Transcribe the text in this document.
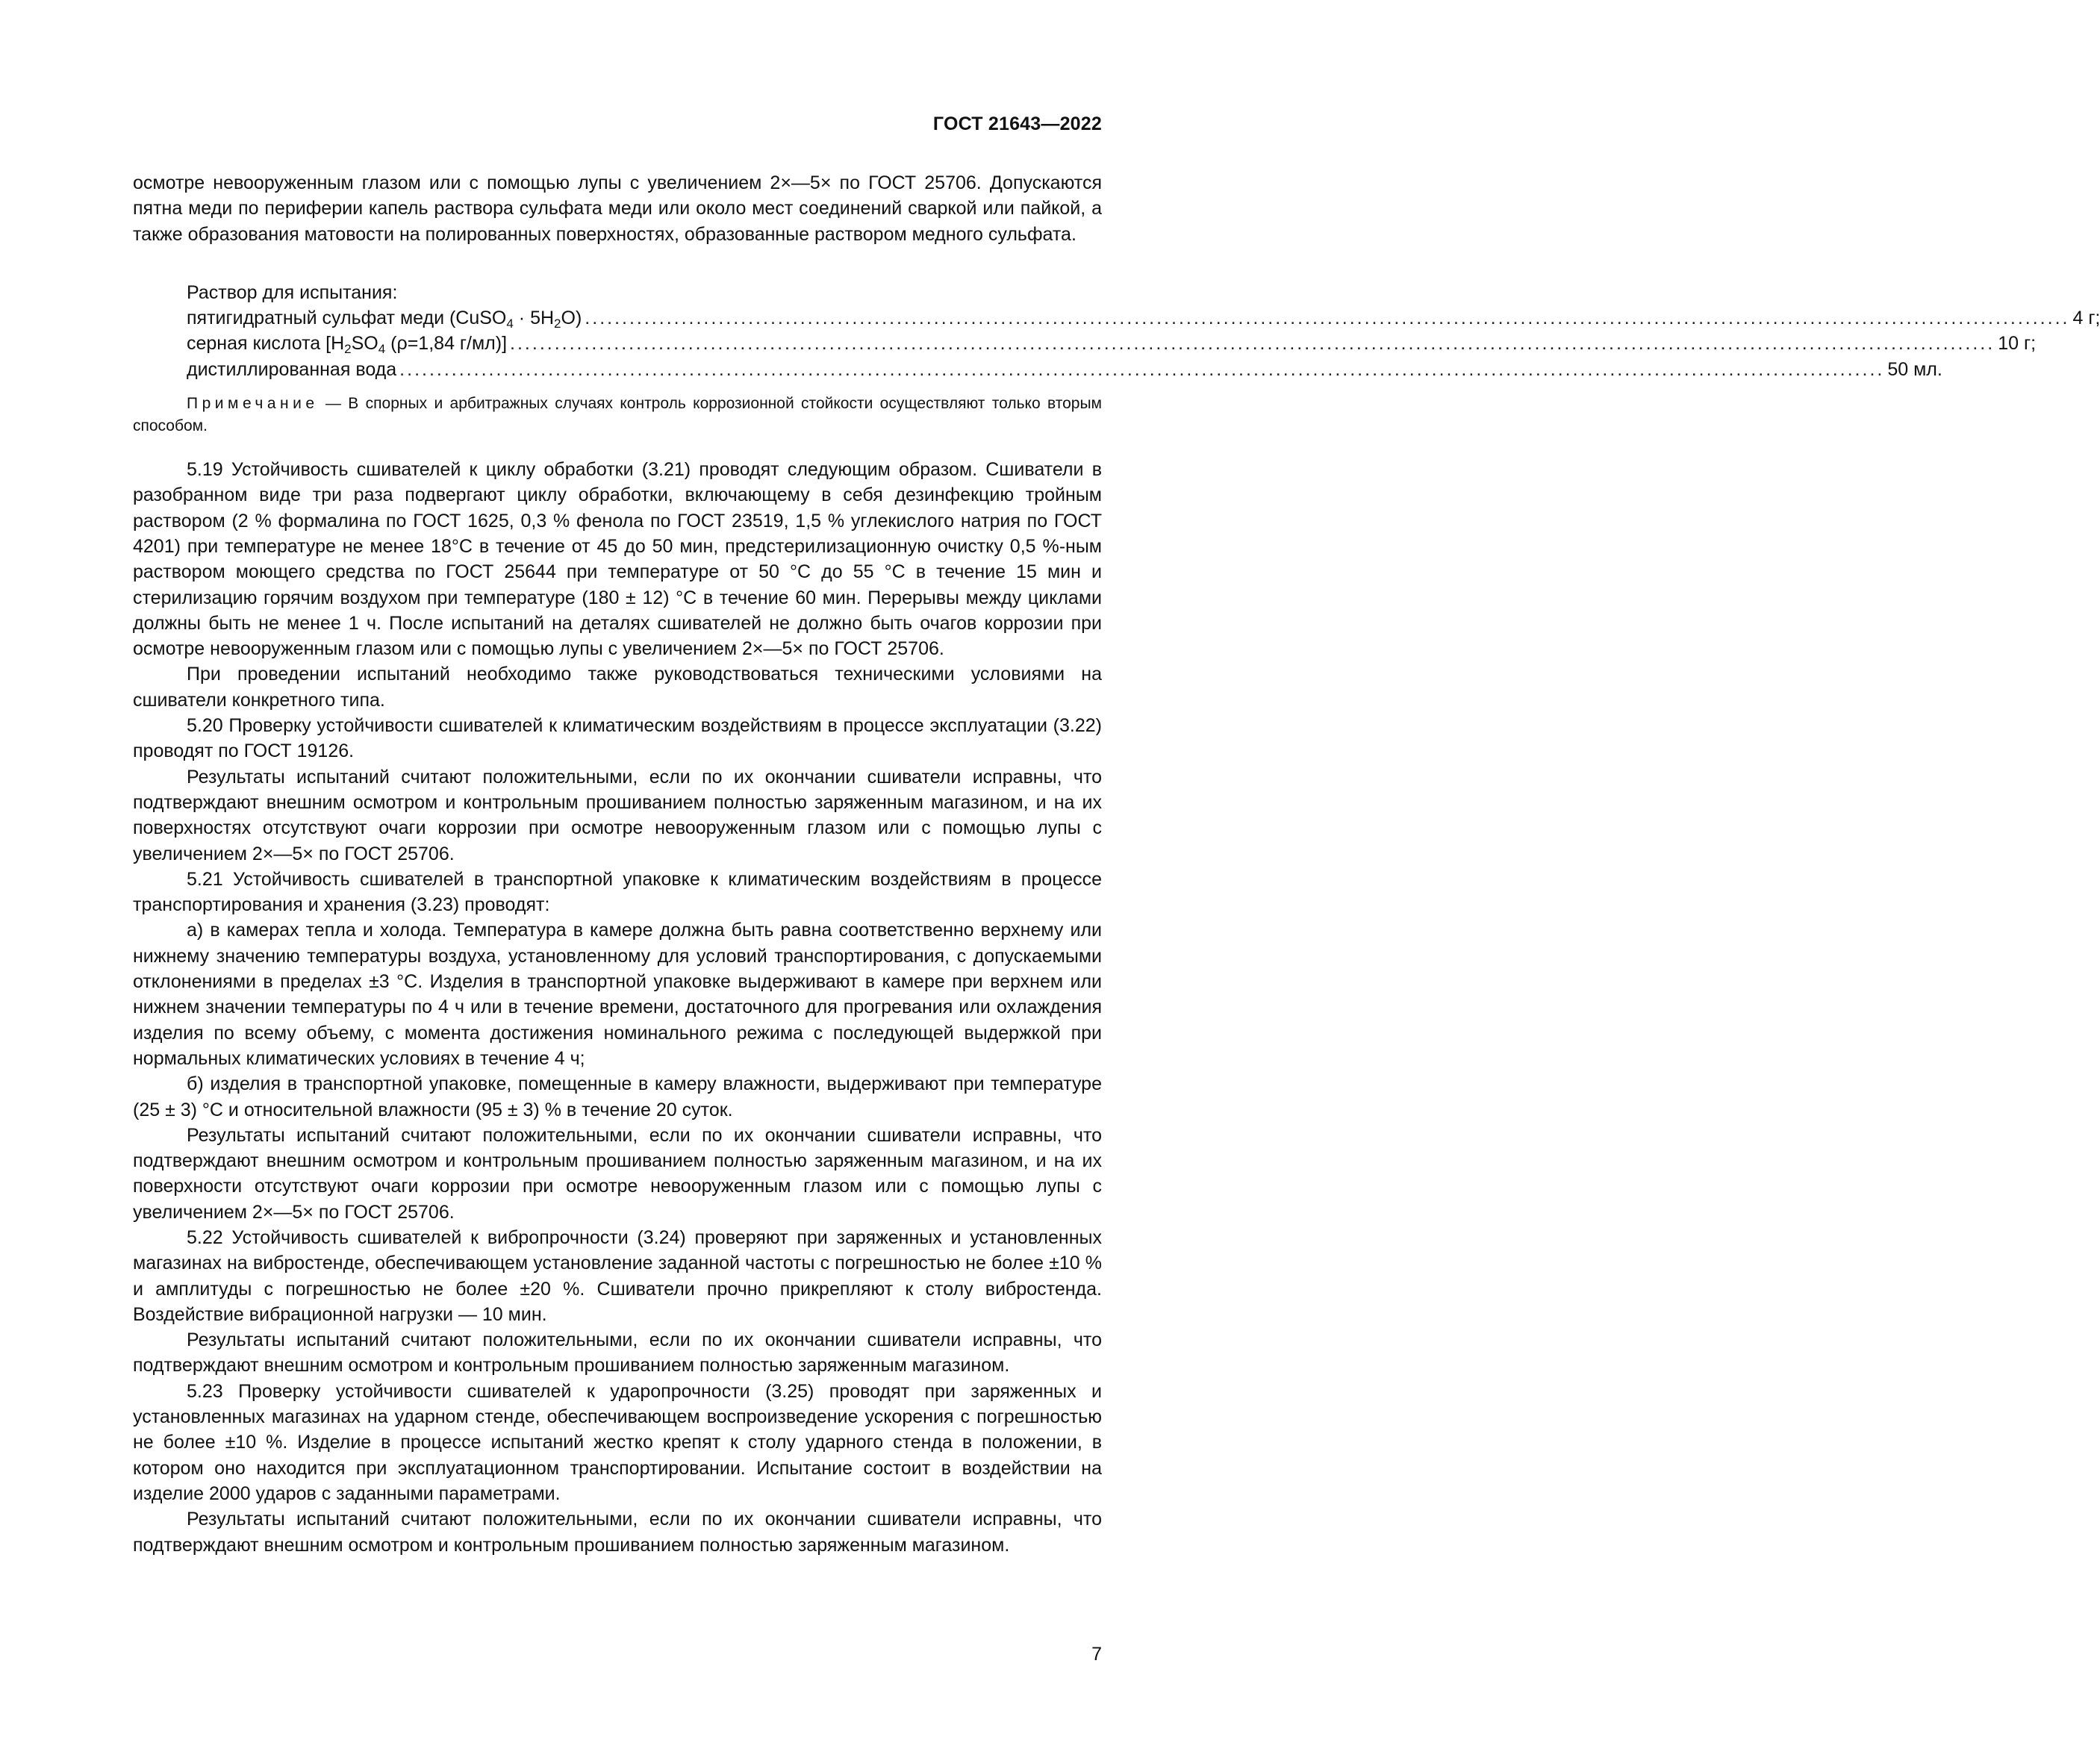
ГОСТ 21643—2022

осмотре невооруженным глазом или с помощью лупы с увеличением 2×—5× по ГОСТ 25706. Допускаются пятна меди по периферии капель раствора сульфата меди или около мест соединений сваркой или пайкой, а также образования матовости на полированных поверхностях, образованные раствором медного сульфата.

Раствор для испытания:

пятигидратный сульфат меди (CuSO$_4$ · $5H_2O$) ........................................................................................................................................................................................................ 4 г;
серная кислота [$H_2SO_4$ (ρ=1,84 г/мл)] ........................................................................................................................................................................................................ 10 г;
дистиллированная вода ........................................................................................................................................................................................................ 50 мл.

Примечание — В спорных и арбитражных случаях контроль коррозионной стойкости осуществляют только вторым способом.

5.19 Устойчивость сшивателей к циклу обработки (3.21) проводят следующим образом. Сшиватели в разобранном виде три раза подвергают циклу обработки, включающему в себя дезинфекцию тройным раствором (2 % формалина по ГОСТ 1625, 0,3 % фенола по ГОСТ 23519, 1,5 % углекислого натрия по ГОСТ 4201) при температуре не менее 18°С в течение от 45 до 50 мин, предстерилизационную очистку 0,5 %-ным раствором моющего средства по ГОСТ 25644 при температуре от 50 °С до 55 °С в течение 15 мин и стерилизацию горячим воздухом при температуре (180 ± 12) °С в течение 60 мин. Перерывы между циклами должны быть не менее 1 ч. После испытаний на деталях сшивателей не должно быть очагов коррозии при осмотре невооруженным глазом или с помощью лупы с увеличением 2×—5× по ГОСТ 25706.

При проведении испытаний необходимо также руководствоваться техническими условиями на сшиватели конкретного типа.

5.20 Проверку устойчивости сшивателей к климатическим воздействиям в процессе эксплуатации (3.22) проводят по ГОСТ 19126.

Результаты испытаний считают положительными, если по их окончании сшиватели исправны, что подтверждают внешним осмотром и контрольным прошиванием полностью заряженным магазином, и на их поверхностях отсутствуют очаги коррозии при осмотре невооруженным глазом или с помощью лупы с увеличением 2×—5× по ГОСТ 25706.

5.21 Устойчивость сшивателей в транспортной упаковке к климатическим воздействиям в процессе транспортирования и хранения (3.23) проводят:

а) в камерах тепла и холода. Температура в камере должна быть равна соответственно верхнему или нижнему значению температуры воздуха, установленному для условий транспортирования, с допускаемыми отклонениями в пределах ±3 °С. Изделия в транспортной упаковке выдерживают в камере при верхнем или нижнем значении температуры по 4 ч или в течение времени, достаточного для прогревания или охлаждения изделия по всему объему, с момента достижения номинального режима с последующей выдержкой при нормальных климатических условиях в течение 4 ч;

б) изделия в транспортной упаковке, помещенные в камеру влажности, выдерживают при температуре (25 ± 3) °С и относительной влажности (95 ± 3) % в течение 20 суток.

Результаты испытаний считают положительными, если по их окончании сшиватели исправны, что подтверждают внешним осмотром и контрольным прошиванием полностью заряженным магазином, и на их поверхности отсутствуют очаги коррозии при осмотре невооруженным глазом или с помощью лупы с увеличением 2×—5× по ГОСТ 25706.

5.22 Устойчивость сшивателей к вибропрочности (3.24) проверяют при заряженных и установленных магазинах на вибростенде, обеспечивающем установление заданной частоты с погрешностью не более ±10 % и амплитуды с погрешностью не более ±20 %. Сшиватели прочно прикрепляют к столу вибростенда. Воздействие вибрационной нагрузки — 10 мин.

Результаты испытаний считают положительными, если по их окончании сшиватели исправны, что подтверждают внешним осмотром и контрольным прошиванием полностью заряженным магазином.

5.23 Проверку устойчивости сшивателей к ударопрочности (3.25) проводят при заряженных и установленных магазинах на ударном стенде, обеспечивающем воспроизведение ускорения с погрешностью не более ±10 %. Изделие в процессе испытаний жестко крепят к столу ударного стенда в положении, в котором оно находится при эксплуатационном транспортировании. Испытание состоит в воздействии на изделие 2000 ударов с заданными параметрами.

Результаты испытаний считают положительными, если по их окончании сшиватели исправны, что подтверждают внешним осмотром и контрольным прошиванием полностью заряженным магазином.

7
